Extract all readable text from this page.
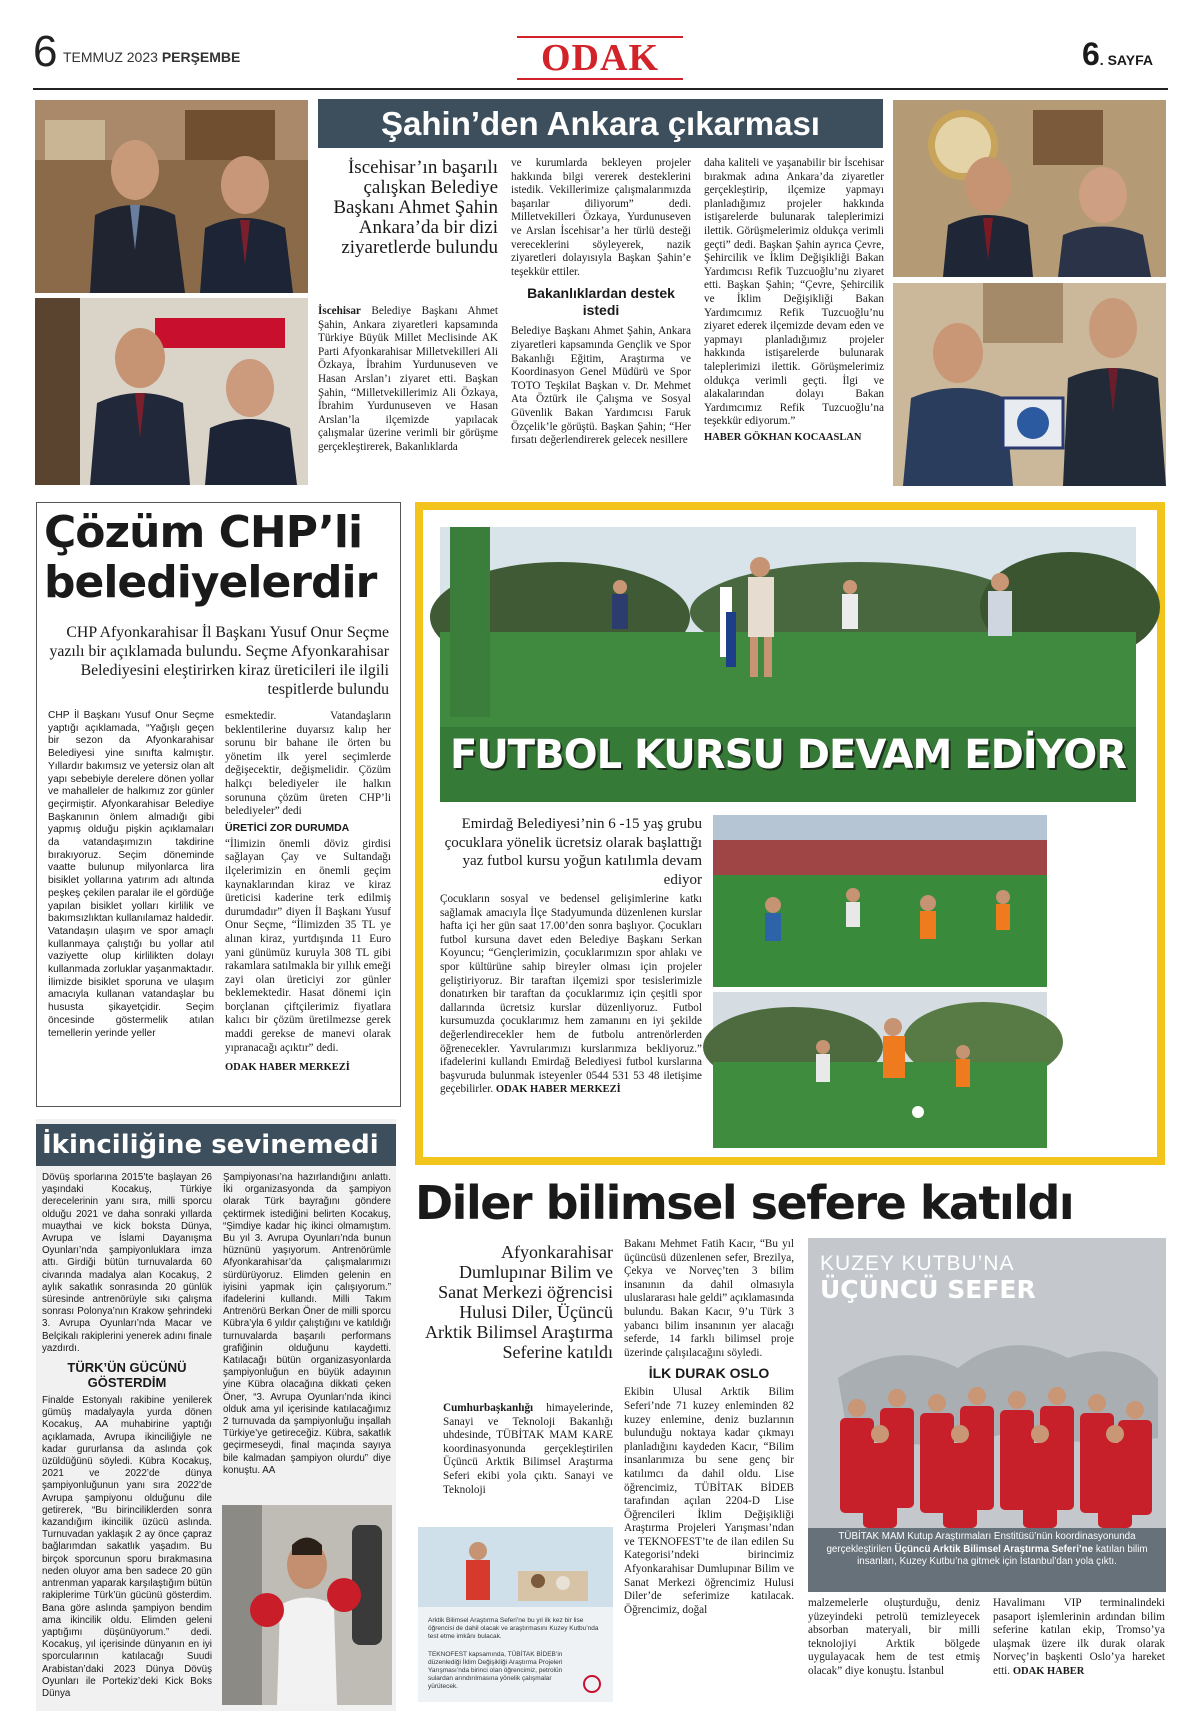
6 TEMMUZ 2023 PERŞEMBE	ODAK	6. SAYFA
Şahin’den Ankara çıkarması
İscehisar’ın başarılı çalışkan Belediye Başkanı Ahmet Şahin Ankara’da bir dizi ziyaretlerde bulundu
İscehisar Belediye Başkanı Ahmet Şahin, Ankara ziyaretleri kapsamında Türkiye Büyük Millet Meclisinde AK Parti Afyonkarahisar Milletvekilleri Ali Özkaya, İbrahim Yurdunuseven ve Hasan Arslan’ı ziyaret etti. Başkan Şahin, “Milletvekillerimiz Ali Özkaya, İbrahim Yurdunuseven ve Hasan Arslan’la ilçemizde yapılacak çalışmalar üzerine verimli bir görüşme gerçekleştirerek, Bakanlıklarda
ve kurumlarda bekleyen projeler hakkında bilgi vererek desteklerini istedik. Vekillerimize çalışmalarımızda başarılar diliyorum” dedi. Milletvekilleri Özkaya, Yurdunuseven ve Arslan İscehisar’a her türlü desteği vereceklerini söyleyerek, nazik ziyaretleri dolayısıyla Başkan Şahin’e teşekkür ettiler.
Bakanlıklardan destek istedi
Belediye Başkanı Ahmet Şahin, Ankara ziyaretleri kapsamında Gençlik ve Spor Bakanlığı Eğitim, Araştırma ve Koordinasyon Genel Müdürü ve Spor TOTO Teşkilat Başkan v. Dr. Mehmet Ata Öztürk ile Çalışma ve Sosyal Güvenlik Bakan Yardımcısı Faruk Özçelik’le görüştü. Başkan Şahin; “Her fırsatı değerlendirerek gelecek nesillere
daha kaliteli ve yaşanabilir bir İscehisar bırakmak adına Ankara’da ziyaretler gerçekleştirip, ilçemize yapmayı planladığımız projeler hakkında istişarelerde bulunarak taleplerimizi ilettik. Görüşmelerimiz oldukça verimli geçti” dedi. Başkan Şahin ayrıca Çevre, Şehircilik ve İklim Değişikliği Bakan Yardımcısı Refik Tuzcuoğlu’nu ziyaret etti. Başkan Şahin; “Çevre, Şehircilik ve İklim Değişikliği Bakan Yardımcımız Refik Tuzcuoğlu’nu ziyaret ederek ilçemizde devam eden ve yapmayı planladığımız projeler hakkında istişarelerde bulunarak taleplerimizi ilettik. Görüşmelerimiz oldukça verimli geçti. İlgi ve alakalarından dolayı Bakan Yardımcımız Refik Tuzcuoğlu’na teşekkür ediyorum.”
HABER GÖKHAN KOCAASLAN
Çözüm CHP’li
belediyelerdir
CHP Afyonkarahisar İl Başkanı Yusuf Onur Seçme yazılı bir açıklamada bulundu. Seçme Afyonkarahisar Belediyesini eleştirirken kiraz üreticileri ile ilgili tespitlerde bulundu
CHP İl Başkanı Yusuf Onur Seçme yaptığı açıklamada, “Yağışlı geçen bir sezon da Afyonkarahisar Belediyesi yine sınıfta kalmıştır. Yıllardır bakımsız ve yetersiz olan alt yapı sebebiyle derelere dönen yollar ve mahalleler de halkımız zor günler geçirmiştir. Afyonkarahisar Belediye Başkanının önlem almadığı gibi yapmış olduğu pişkin açıklamaları da vatandaşımızın takdirine bırakıyoruz. Seçim döneminde vaatte bulunup milyonlarca lira bisiklet yollarına yatırım adı altında peşkeş çekilen paralar ile el gördüğe yapılan bisiklet yolları kirlilik ve bakımsızlıktan kullanılamaz haldedir. Vatandaşın ulaşım ve spor amaçlı kullanmaya çalıştığı bu yollar atıl vaziyette olup kirlilikten dolayı kullanmada zorluklar yaşanmaktadır. İlimizde bisiklet sporuna ve ulaşım amacıyla kullanan vatandaşlar bu hususta şikayetçidir. Seçim öncesinde göstermelik atılan temellerin yerinde yeller
esmektedir. Vatandaşların beklentilerine duyarsız kalıp her sorunu bir bahane ile örten bu yönetim ilk yerel seçimlerde değişecektir, değişmelidir. Çözüm halkçı belediyeler ile halkın sorununa çözüm üreten CHP’li belediyeler” dedi
ÜRETİCİ ZOR DURUMDA
“İlimizin önemli döviz girdisi sağlayan Çay ve Sultandağı ilçelerimizin en önemli geçim kaynaklarından kiraz ve kiraz üreticisi kaderine terk edilmiş durumdadır” diyen İl Başkanı Yusuf Onur Seçme, “İlimizden 35 TL ye alınan kiraz, yurtdışında 11 Euro yani günümüz kuruyla 308 TL gibi rakamlara satılmakla bir yıllık emeği zayi olan üreticiyi zor günler beklemektedir. Hasat dönemi için borçlanan çiftçilerimiz fiyatlara kalıcı bir çözüm üretilmezse gerek maddi gerekse de manevi olarak yıpranacağı açıktır” dedi.
ODAK HABER MERKEZİ
İkinciliğine sevinemedi
Dövüş sporlarına 2015’te başlayan 26 yaşındaki Kocakuş, Türkiye derecelerinin yanı sıra, milli sporcu olduğu 2021 ve daha sonraki yıllarda muaythai ve kick boksta Dünya, Avrupa ve İslami Dayanışma Oyunları’nda şampiyonluklara imza attı. Girdiği bütün turnuvalarda 60 civarında madalya alan Kocakuş, 2 aylık sakatlık sonrasında 20 günlük süresinde antrenörüyle sıkı çalışma sonrası Polonya’nın Krakow şehrindeki 3. Avrupa Oyunları’nda Macar ve Belçikalı rakiplerini yenerek adını finale yazdırdı.
TÜRK’ÜN GÜCÜNÜ GÖSTERDİM
Finalde Estonyalı rakibine yenilerek gümüş madalyayla yurda dönen Kocakuş, AA muhabirine yaptığı açıklamada, Avrupa ikinciliğiyle ne kadar gururlansa da aslında çok üzüldüğünü söyledi. Kübra Kocakuş, 2021 ve 2022’de dünya şampiyonluğunun yanı sıra 2022’de Avrupa şampiyonu olduğunu dile getirerek, “Bu birinciliklerden sonra kazandığım ikincilik üzücü aslında. Turnuvadan yaklaşık 2 ay önce çapraz bağlarımdan sakatlık yaşadım. Bu birçok sporcunun sporu bırakmasına neden oluyor ama ben sadece 20 gün antrenman yaparak karşılaştığım bütün rakiplerime Türk’ün gücünü gösterdim. Bana göre aslında şampiyon bendim ama ikincilik oldu. Elimden geleni yaptığımı düşünüyorum.” dedi. Kocakuş, yıl içerisinde dünyanın en iyi sporcularının katılacağı Suudi Arabistan’daki 2023 Dünya Dövüş Oyunları ile Portekiz’deki Kick Boks Dünya
Şampiyonası’na hazırlandığını anlattı. İki organizasyonda da şampiyon olarak Türk bayrağını göndere çektirmek istediğini belirten Kocakuş, “Şimdiye kadar hiç ikinci olmamıştım. Bu yıl 3. Avrupa Oyunları’nda bunun hüznünü yaşıyorum. Antrenörümle Afyonkarahisar’da çalışmalarımızı sürdürüyoruz. Elimden gelenin en iyisini yapmak için çalışıyorum.” ifadelerini kullandı. Milli Takım Antrenörü Berkan Öner de milli sporcu Kübra’yla 6 yıldır çalıştığını ve katıldığı turnuvalarda başarılı performans grafiğinin olduğunu kaydetti. Katılacağı bütün organizasyonlarda şampiyonluğun en büyük adayının yine Kübra olacağına dikkati çeken Öner, “3. Avrupa Oyunları’nda ikinci olduk ama yıl içerisinde katılacağımız 2 turnuvada da şampiyonluğu inşallah Türkiye’ye getireceğiz. Kübra, sakatlık geçirmeseydi, final maçında sayıya bile kalmadan şampiyon olurdu” diye konuştu. AA
FUTBOL KURSU DEVAM EDİYOR
Emirdağ Belediyesi’nin 6 -15 yaş grubu çocuklara yönelik ücretsiz olarak başlattığı yaz futbol kursu yoğun katılımla devam ediyor
Çocukların sosyal ve bedensel gelişimlerine katkı sağlamak amacıyla İlçe Stadyumunda düzenlenen kurslar hafta içi her gün saat 17.00’den sonra başlıyor. Çocukları futbol kursuna davet eden Belediye Başkanı Serkan Koyuncu; “Gençlerimizin, çocuklarımızın spor ahlakı ve spor kültürüne sahip bireyler olması için projeler geliştiriyoruz. Bir taraftan ilçemizi spor tesislerimizle donatırken bir taraftan da çocuklarımız için çeşitli spor dallarında ücretsiz kurslar düzenliyoruz. Futbol kursumuzda çocuklarımız hem zamanını en iyi şekilde değerlendirecekler hem de futbolu antrenörlerden öğrenecekler. Yavrularımızı kurslarımıza bekliyoruz.” ifadelerini kullandı Emirdağ Belediyesi futbol kurslarına başvuruda bulunmak isteyenler 0544 531 53 48 iletişime geçebilirler. ODAK HABER MERKEZİ
Diler bilimsel sefere katıldı
Afyonkarahisar Dumlupınar Bilim ve Sanat Merkezi öğrencisi Hulusi Diler, Üçüncü Arktik Bilimsel Araştırma Seferine katıldı
Cumhurbaşkanlığı himayelerinde, Sanayi ve Teknoloji Bakanlığı uhdesinde, TÜBİTAK MAM KARE koordinasyonunda gerçekleştirilen Üçüncü Arktik Bilimsel Araştırma Seferi ekibi yola çıktı. Sanayi ve Teknoloji
Arktik Bilimsel Araştırma Seferi’ne bu yıl ilk kez bir lise öğrencisi de dahil olacak ve araştırmasını Kuzey Kutbu’nda test etme imkânı bulacak.
TEKNOFEST kapsamında, TÜBİTAK BİDEB’in düzenlediği İklim Değişikliği Araştırma Projeleri Yarışması’nda birinci olan öğrencimiz, petrolün sulardan arındırılmasına yönelik çalışmalar yürütecek.
Bakanı Mehmet Fatih Kacır, “Bu yıl üçüncüsü düzenlenen sefer, Brezilya, Çekya ve Norveç’ten 3 bilim insanının da dahil olmasıyla uluslararası hale geldi” açıklamasında bulundu. Bakan Kacır, 9’u Türk 3 yabancı bilim insanının yer alacağı seferde, 14 farklı bilimsel proje üzerinde çalışılacağını söyledi.
İLK DURAK OSLO
Ekibin Ulusal Arktik Bilim Seferi’nde 71 kuzey enleminden 82 kuzey enlemine, deniz buzlarının bulunduğu noktaya kadar çıkmayı planladığını kaydeden Kacır, “Bilim insanlarımıza bu sene genç bir katılımcı da dahil oldu. Lise öğrencimiz, TÜBİTAK BİDEB tarafından açılan 2204-D Lise Öğrencileri İklim Değişikliği Araştırma Projeleri Yarışması’ndan ve TEKNOFEST’te de ilan edilen Su Kategorisi’ndeki birincimiz Afyonkarahisar Dumlupınar Bilim ve Sanat Merkezi öğrencimiz Hulusi Diler’de seferimize katılacak. Öğrencimiz, doğal
KUZEY KUTBU’NA
ÜÇÜNCÜ SEFER
TÜBİTAK MAM Kutup Araştırmaları Enstitüsü’nün koordinasyonunda gerçekleştirilen Üçüncü Arktik Bilimsel Araştırma Seferi’ne katılan bilim insanları, Kuzey Kutbu’na gitmek için İstanbul’dan yola çıktı.
malzemelerle oluşturduğu, deniz yüzeyindeki petrolü temizleyecek absorban materyali, bir milli teknolojiyi Arktik bölgede uygulayacak hem de test etmiş olacak” diye konuştu. İstanbul
Havalimanı VIP terminalindeki pasaport işlemlerinin ardından bilim seferine katılan ekip, Tromso’ya ulaşmak üzere ilk durak olarak Norveç’in başkenti Oslo’ya hareket etti. ODAK HABER
